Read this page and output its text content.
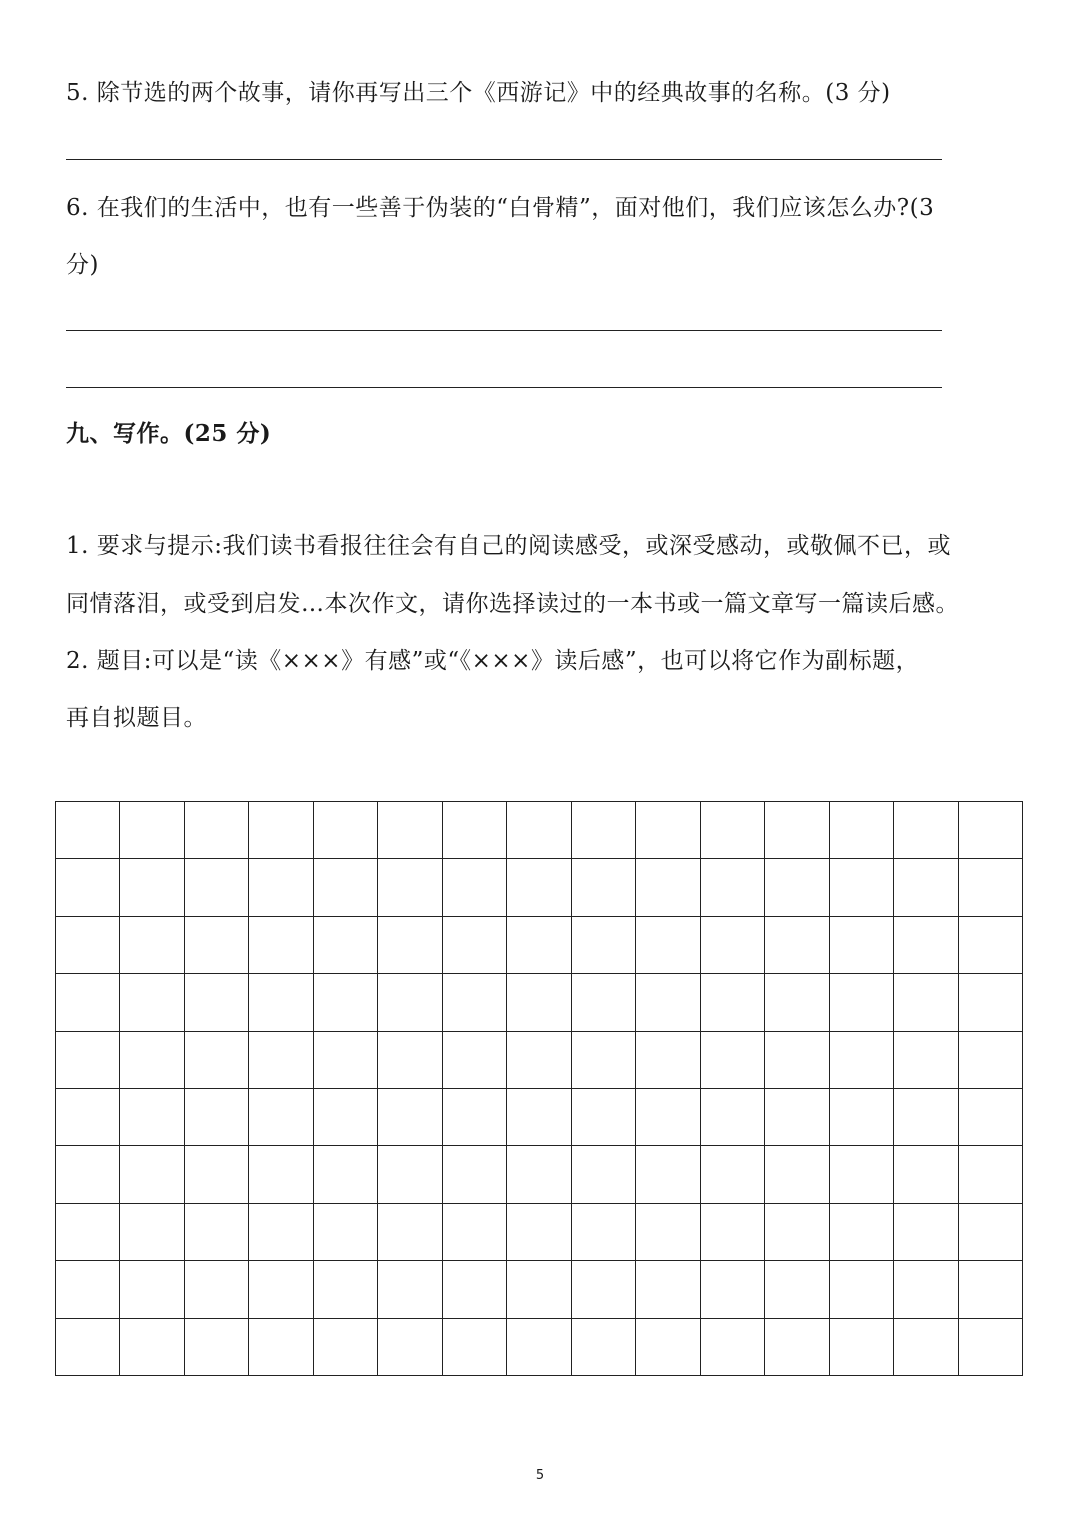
5. 除节选的两个故事，请你再写出三个《西游记》中的经典故事的名称。(3 分)
6. 在我们的生活中，也有一些善于伪装的“白骨精”，面对他们，我们应该怎么办?(3
分)
九、写作。(25 分)
1. 要求与提示:我们读书看报往往会有自己的阅读感受，或深受感动，或敬佩不已，或
同情落泪，或受到启发…本次作文，请你选择读过的一本书或一篇文章写一篇读后感。
2. 题目:可以是“读《×××》有感”或“《×××》读后感”，也可以将它作为副标题，
再自拟题目。
5
